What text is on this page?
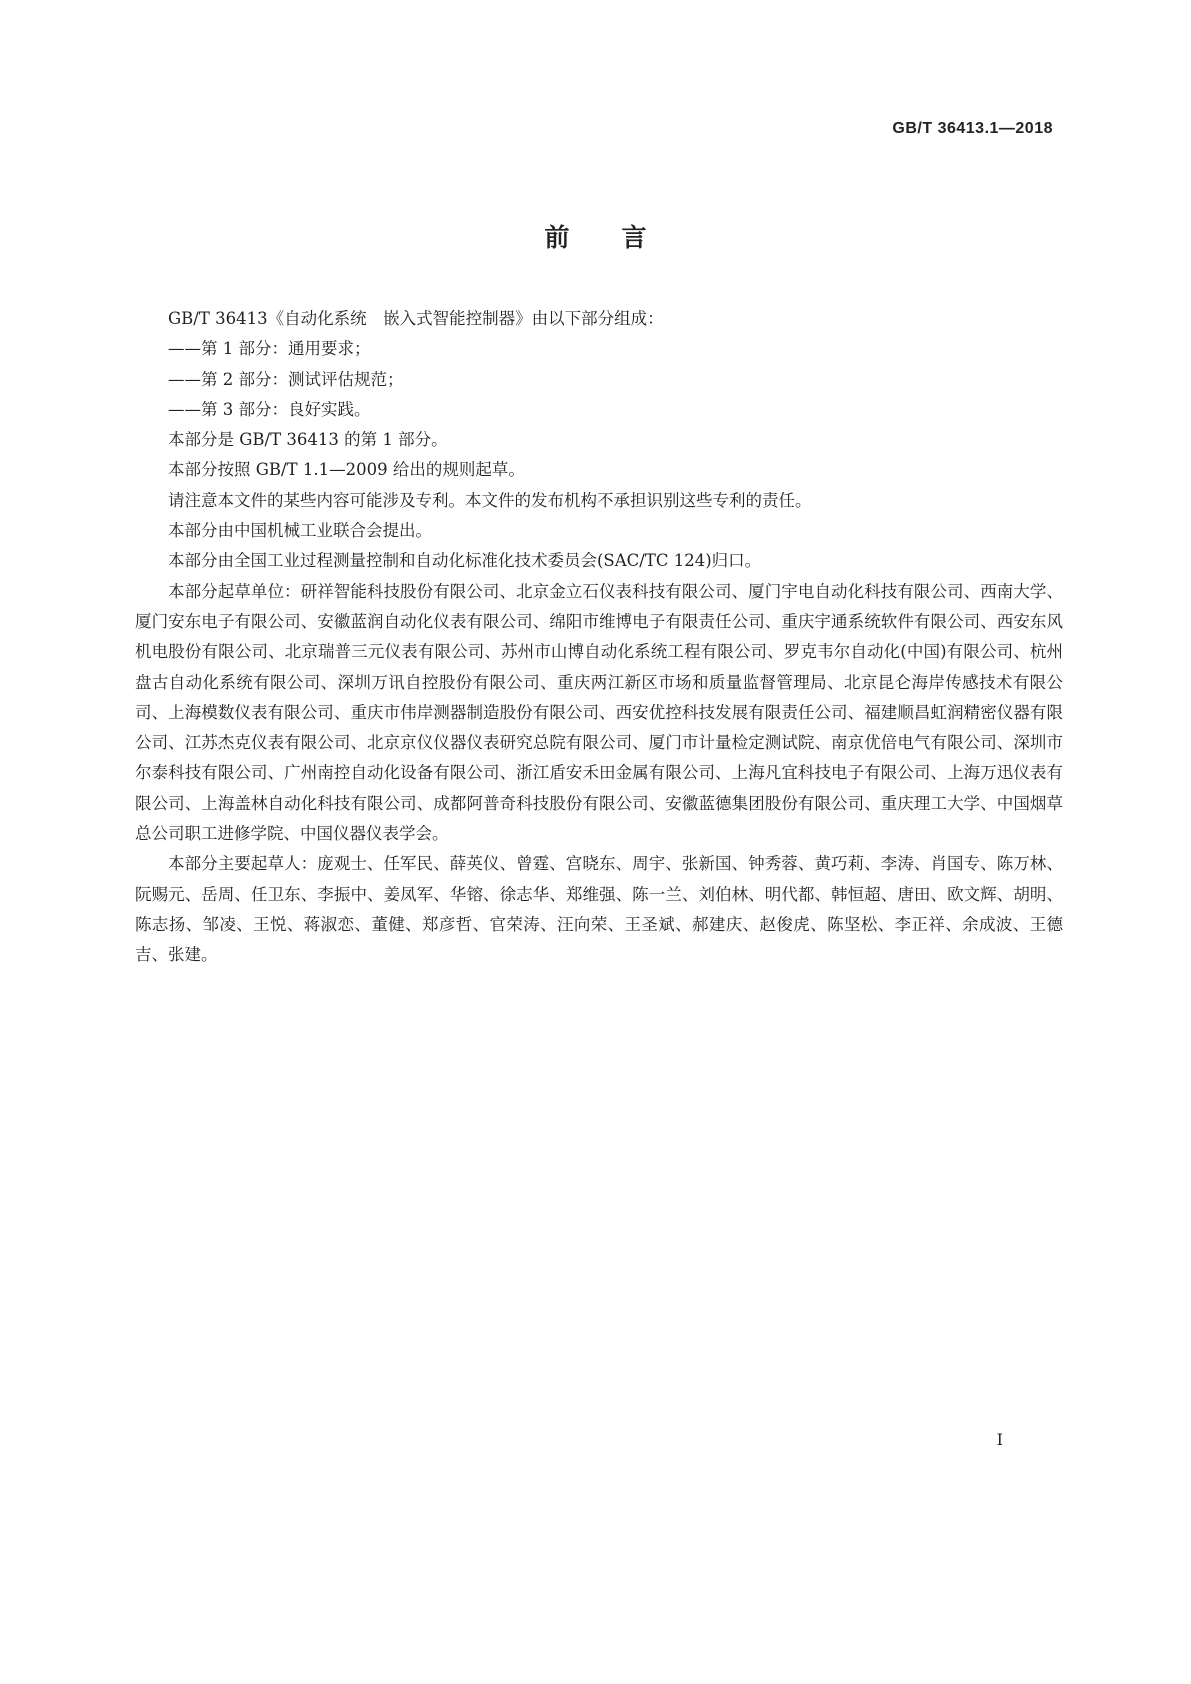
GB/T 36413.1—2018
前言

GB/T 36413《自动化系统　嵌入式智能控制器》由以下部分组成：

——第 1 部分：通用要求；

——第 2 部分：测试评估规范；

——第 3 部分：良好实践。

本部分是 GB/T 36413 的第 1 部分。

本部分按照 GB/T 1.1—2009 给出的规则起草。

请注意本文件的某些内容可能涉及专利。本文件的发布机构不承担识别这些专利的责任。

本部分由中国机械工业联合会提出。

本部分由全国工业过程测量控制和自动化标准化技术委员会(SAC/TC 124)归口。

本部分起草单位：研祥智能科技股份有限公司、北京金立石仪表科技有限公司、厦门宇电自动化科技有限公司、西南大学、厦门安东电子有限公司、安徽蓝润自动化仪表有限公司、绵阳市维博电子有限责任公司、重庆宇通系统软件有限公司、西安东风机电股份有限公司、北京瑞普三元仪表有限公司、苏州市山博自动化系统工程有限公司、罗克韦尔自动化(中国)有限公司、杭州盘古自动化系统有限公司、深圳万讯自控股份有限公司、重庆两江新区市场和质量监督管理局、北京昆仑海岸传感技术有限公司、上海模数仪表有限公司、重庆市伟岸测器制造股份有限公司、西安优控科技发展有限责任公司、福建顺昌虹润精密仪器有限公司、江苏杰克仪表有限公司、北京京仪仪器仪表研究总院有限公司、厦门市计量检定测试院、南京优倍电气有限公司、深圳市尔泰科技有限公司、广州南控自动化设备有限公司、浙江盾安禾田金属有限公司、上海凡宜科技电子有限公司、上海万迅仪表有限公司、上海盖林自动化科技有限公司、成都阿普奇科技股份有限公司、安徽蓝德集团股份有限公司、重庆理工大学、中国烟草总公司职工进修学院、中国仪器仪表学会。

本部分主要起草人：庞观士、任军民、薛英仪、曾霆、宫晓东、周宇、张新国、钟秀蓉、黄巧莉、李涛、肖国专、陈万林、阮赐元、岳周、任卫东、李振中、姜凤军、华镕、徐志华、郑维强、陈一兰、刘伯林、明代都、韩恒超、唐田、欧文辉、胡明、陈志扬、邹凌、王悦、蒋淑恋、董健、郑彦哲、官荣涛、汪向荣、王圣斌、郝建庆、赵俊虎、陈坚松、李正祥、余成波、王德吉、张建。

I
